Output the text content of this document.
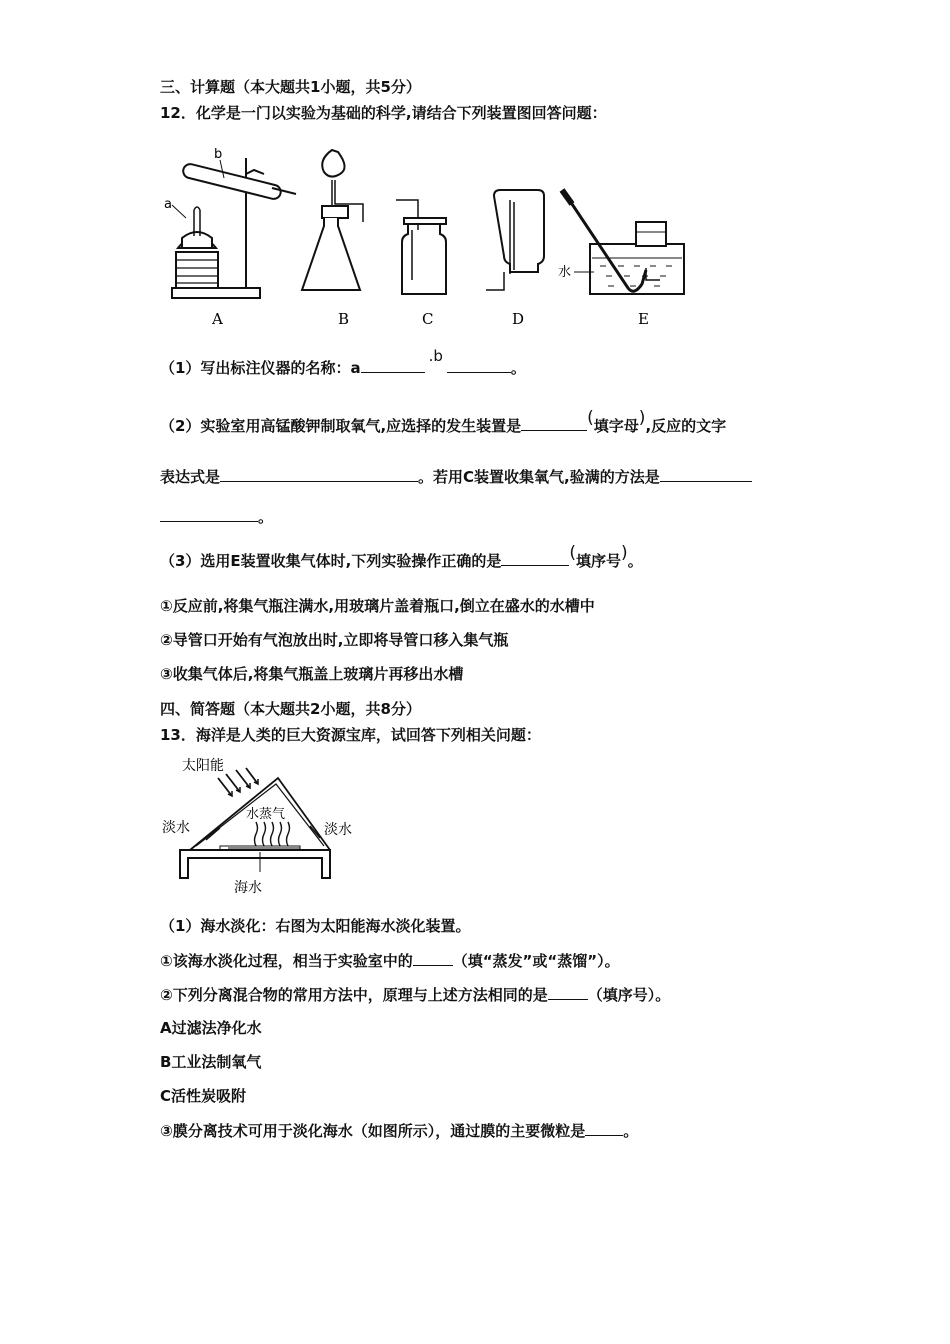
三、计算题（本大题共1小题，共5分）
12．化学是一门以实验为基础的科学,请结合下列装置图回答问题：
a
b
水
A	B	C	D	E
（1）写出标注仪器的名称：a.b。
（2）实验室用高锰酸钾制取氧气,应选择的发生装置是	(填字母),反应的文字
表达式是	。若用C装置收集氧气,验满的方法是
。
（3）选用E装置收集气体时,下列实验操作正确的是	(填序号)。
①反应前,将集气瓶注满水,用玻璃片盖着瓶口,倒立在盛水的水槽中
②导管口开始有气泡放出时,立即将导管口移入集气瓶
③收集气体后,将集气瓶盖上玻璃片再移出水槽
四、简答题（本大题共2小题，共8分）
13．海洋是人类的巨大资源宝库，试回答下列相关问题：
太阳能
水蒸气
淡水	淡水
海水
（1）海水淡化：右图为太阳能海水淡化装置。
①该海水淡化过程，相当于实验室中的	（填“蒸发”或“蒸馏”）。
②下列分离混合物的常用方法中，原理与上述方法相同的是	（填序号）。
A过滤法净化水
B工业法制氧气
C活性炭吸附
③膜分离技术可用于淡化海水（如图所示），通过膜的主要微粒是	。
